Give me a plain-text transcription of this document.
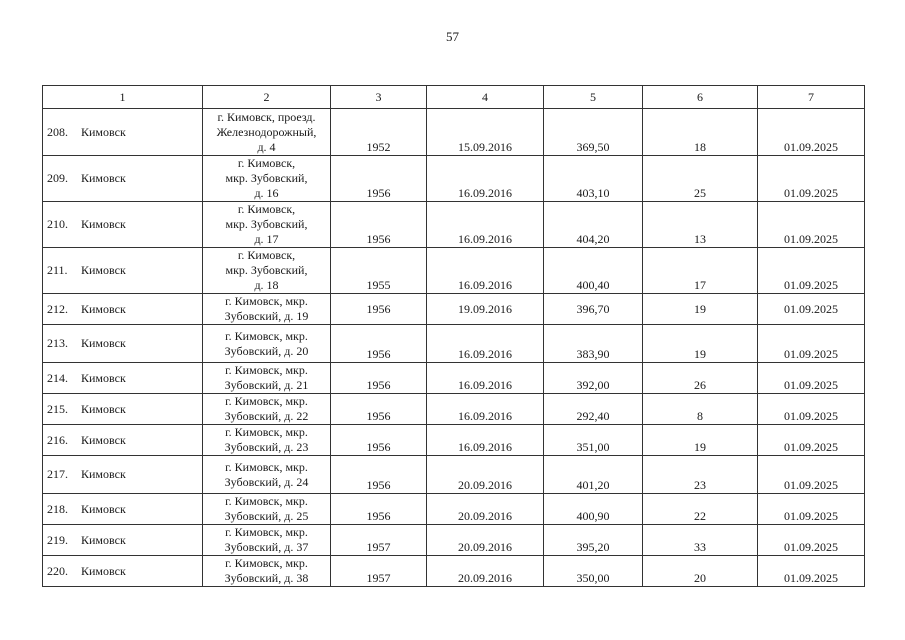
57
1	2	3	4	5	6	7
208. Кимовск	г. Кимовск, проезд.
Железнодорожный,
д. 4	1952	15.09.2016	369,50	18	01.09.2025
209. Кимовск	г. Кимовск,
мкр. Зубовский,
д. 16	1956	16.09.2016	403,10	25	01.09.2025
210. Кимовск	г. Кимовск,
мкр. Зубовский,
д. 17	1956	16.09.2016	404,20	13	01.09.2025
211. Кимовск	г. Кимовск,
мкр. Зубовский,
д. 18	1955	16.09.2016	400,40	17	01.09.2025
212. Кимовск	г. Кимовск, мкр.
Зубовский, д. 19	1956	19.09.2016	396,70	19	01.09.2025
213. Кимовск	г. Кимовск, мкр.
Зубовский, д. 20	1956	16.09.2016	383,90	19	01.09.2025
214. Кимовск	г. Кимовск, мкр.
Зубовский, д. 21	1956	16.09.2016	392,00	26	01.09.2025
215. Кимовск	г. Кимовск, мкр.
Зубовский, д. 22	1956	16.09.2016	292,40	8	01.09.2025
216. Кимовск	г. Кимовск, мкр.
Зубовский, д. 23	1956	16.09.2016	351,00	19	01.09.2025
217. Кимовск	г. Кимовск, мкр.
Зубовский, д. 24	1956	20.09.2016	401,20	23	01.09.2025
218. Кимовск	г. Кимовск, мкр.
Зубовский, д. 25	1956	20.09.2016	400,90	22	01.09.2025
219. Кимовск	г. Кимовск, мкр.
Зубовский, д. 37	1957	20.09.2016	395,20	33	01.09.2025
220. Кимовск	г. Кимовск, мкр.
Зубовский, д. 38	1957	20.09.2016	350,00	20	01.09.2025
